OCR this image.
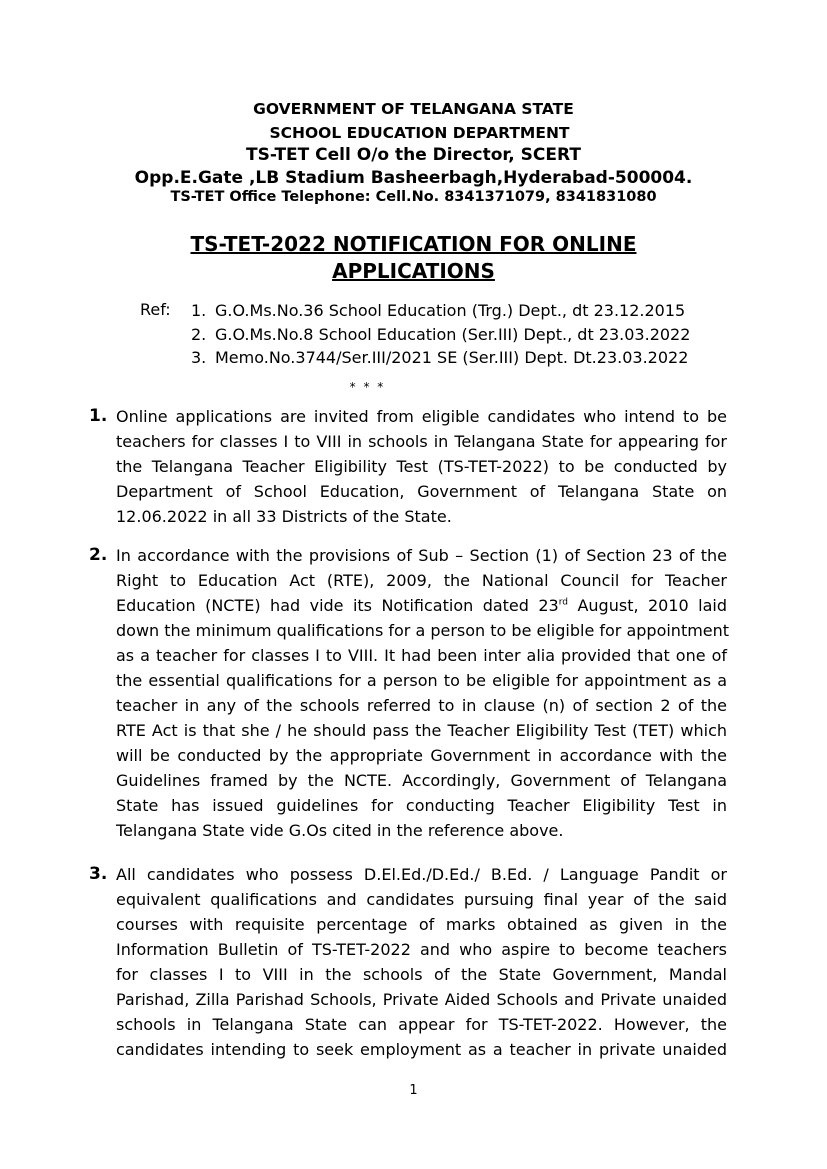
GOVERNMENT OF TELANGANA STATE
SCHOOL EDUCATION DEPARTMENT
TS-TET Cell O/o the Director, SCERT
Opp.E.Gate ,LB Stadium Basheerbagh,Hyderabad-500004.
TS-TET Office Telephone: Cell.No. 8341371079, 8341831080
TS-TET-2022 NOTIFICATION FOR ONLINE
APPLICATIONS
Ref: 1. G.O.Ms.No.36 School Education (Trg.) Dept., dt 23.12.2015
2. G.O.Ms.No.8 School Education (Ser.III) Dept., dt 23.03.2022
3. Memo.No.3744/Ser.III/2021 SE (Ser.III) Dept. Dt.23.03.2022
* * *
1. Online applications are invited from eligible candidates who intend to be
teachers for classes I to VIII in schools in Telangana State for appearing for
the Telangana Teacher Eligibility Test (TS-TET-2022) to be conducted by
Department of School Education, Government of Telangana State on
12.06.2022 in all 33 Districts of the State.
2. In accordance with the provisions of Sub – Section (1) of Section 23 of the
Right to Education Act (RTE), 2009, the National Council for Teacher
Education (NCTE) had vide its Notification dated 23rd August, 2010 laid
down the minimum qualifications for a person to be eligible for appointment
as a teacher for classes I to VIII. It had been inter alia provided that one of
the essential qualifications for a person to be eligible for appointment as a
teacher in any of the schools referred to in clause (n) of section 2 of the
RTE Act is that she / he should pass the Teacher Eligibility Test (TET) which
will be conducted by the appropriate Government in accordance with the
Guidelines framed by the NCTE. Accordingly, Government of Telangana
State has issued guidelines for conducting Teacher Eligibility Test in
Telangana State vide G.Os cited in the reference above.
3. All candidates who possess D.El.Ed./D.Ed./ B.Ed. / Language Pandit or
equivalent qualifications and candidates pursuing final year of the said
courses with requisite percentage of marks obtained as given in the
Information Bulletin of TS-TET-2022 and who aspire to become teachers
for classes I to VIII in the schools of the State Government, Mandal
Parishad, Zilla Parishad Schools, Private Aided Schools and Private unaided
schools in Telangana State can appear for TS-TET-2022. However, the
candidates intending to seek employment as a teacher in private unaided
1
